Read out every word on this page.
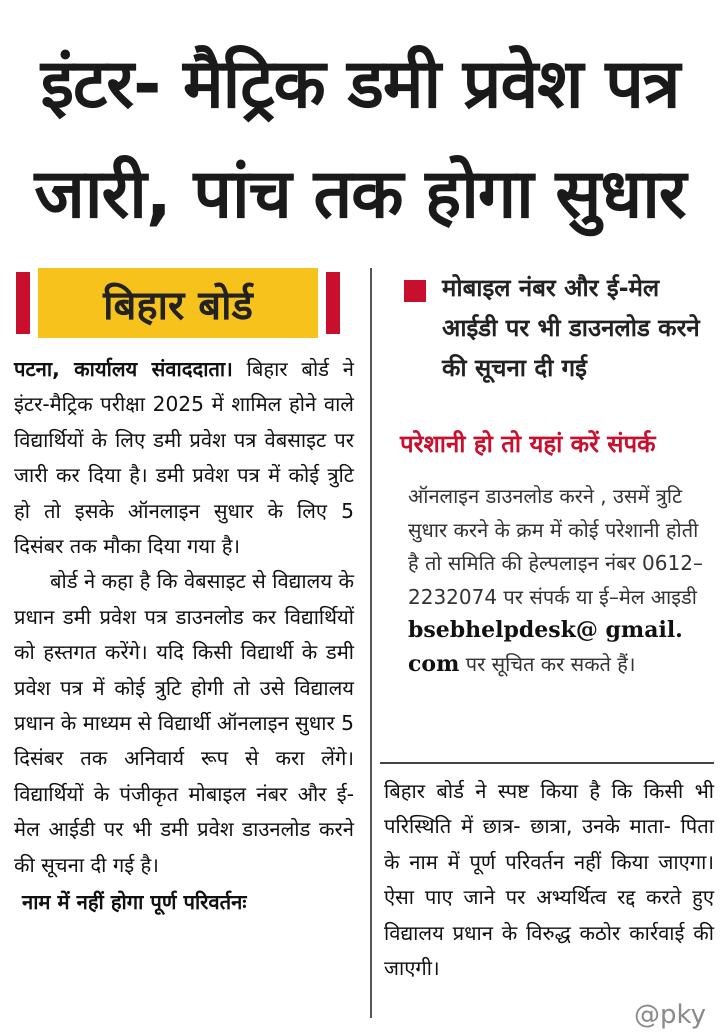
इंटर- मैट्रिक डमी प्रवेश पत्र
जारी, पांच तक होगा सुधार
बिहार बोर्ड

पटना, कार्यालय संवाददाता। बिहार बोर्ड ने इंटर-मैट्रिक परीक्षा 2025 में शामिल होने वाले विद्यार्थियों के लिए डमी प्रवेश पत्र वेबसाइट पर जारी कर दिया है। डमी प्रवेश पत्र में कोई त्रुटि हो तो इसके ऑनलाइन सुधार के लिए 5 दिसंबर तक मौका दिया गया है।

बोर्ड ने कहा है कि वेबसाइट से विद्यालय के प्रधान डमी प्रवेश पत्र डाउनलोड कर विद्यार्थियों को हस्तगत करेंगे। यदि किसी विद्यार्थी के डमी प्रवेश पत्र में कोई त्रुटि होगी तो उसे विद्यालय प्रधान के माध्यम से विद्यार्थी ऑनलाइन सुधार 5 दिसंबर तक अनिवार्य रूप से करा लेंगे। विद्यार्थियों के पंजीकृत मोबाइल नंबर और ई-मेल आईडी पर भी डमी प्रवेश डाउनलोड करने की सूचना दी गई है।

नाम में नहीं होगा पूर्ण परिवर्तनः

मोबाइल नंबर और ई-मेल आईडी पर भी डाउनलोड करने की सूचना दी गई
परेशानी हो तो यहां करें संपर्क
ऑनलाइन डाउनलोड करने , उसमें त्रुटि सुधार करने के क्रम में कोई परेशानी होती है तो समिति की हेल्पलाइन नंबर 0612–2232074 पर संपर्क या ई–मेल आइडी bsebhelpdesk@ gmail. com पर सूचित कर सकते हैं।

बिहार बोर्ड ने स्पष्ट किया है कि किसी भी परिस्थिति में छात्र- छात्रा, उनके माता- पिता के नाम में पूर्ण परिवर्तन नहीं किया जाएगा। ऐसा पाए जाने पर अभ्यर्थित्व रद्द करते हुए विद्यालय प्रधान के विरुद्ध कठोर कार्रवाई की जाएगी।

@pky
